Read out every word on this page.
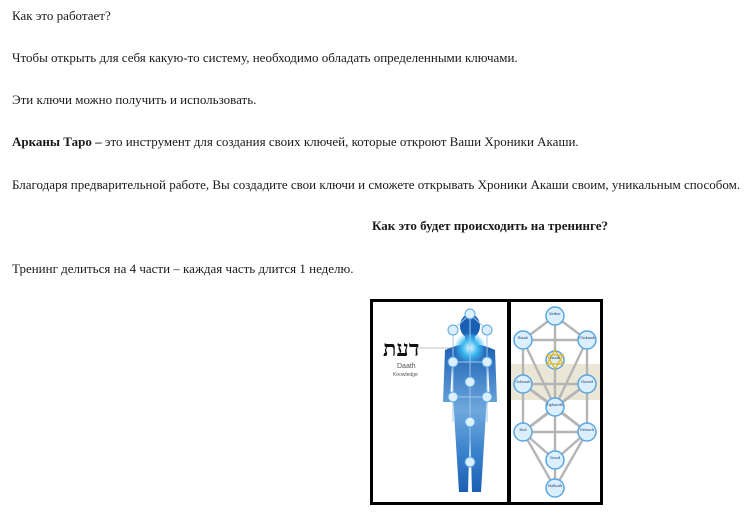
Как это работает?
Чтобы открыть для себя какую-то систему, необходимо обладать определенными ключами.
Эти ключи можно получить и использовать.
Арканы Таро – это инструмент для создания своих ключей, которые откроют Ваши Хроники Акаши.
Благодаря предварительной работе, Вы создадите свои ключи и сможете открывать Хроники Акаши своим, уникальным способом.
Как это будет происходить на тренинге?
Тренинг делиться на 4 части – каждая часть длится 1 неделю.
דעת
Daath
Knowledge
Kether
Binah	Chokmah
Daath
Geburah	Chesed
Tiphareth
Hod	Netzach
Yesod
Malkuth
